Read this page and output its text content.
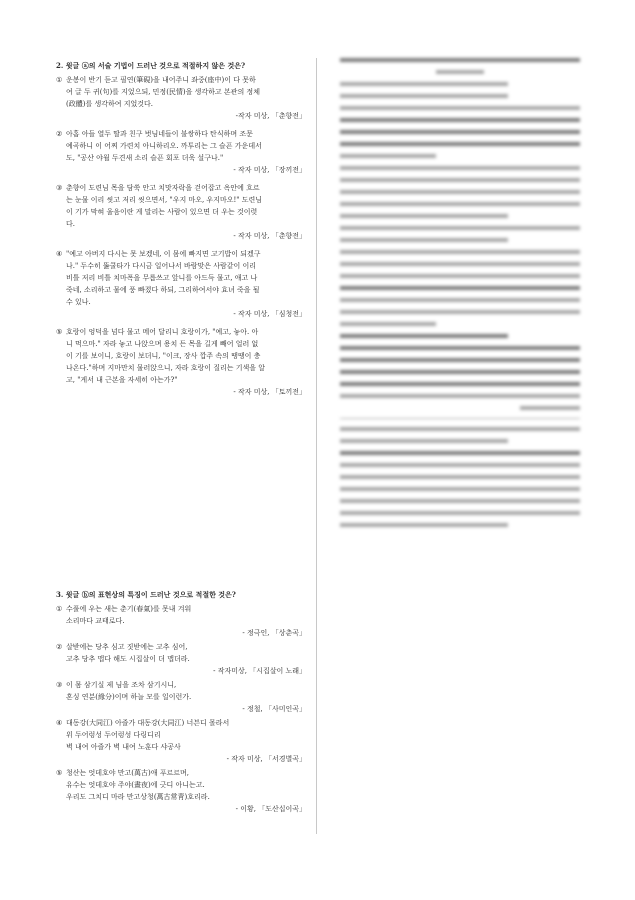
2. 윗글 ⓐ의 서술 기법이 드러난 것으로 적절하지 않은 것은?
① 운봉이 반기 듣고 필연(筆硯)을 내어주니 좌중(座中)이 다 못하
여 글 두 귀(句)를 지었으되, 민정(民情)을 생각하고 본관의 정체
(政體)를 생각하여 지었것다.
-작자 미상, 「춘향전」
② 아홉 아들 열두 딸과 친구 벗님네들이 불쌍하다 탄식하며 조문
예곡하니 이 어찌 가련치 아니하리오. 까투리는 그 슬픈 가운데서
도, "공산 야월 두견새 소리 슬픈 회포 더욱 설구나."
- 작자 미상, 「장끼전」
③ 춘향이 도련님 목을 담쑥 안고 치맛자락을 걷어잡고 옥안에 흐르
는 눈물 이리 씻고 저리 씻으면서, "우지 마오, 우지마오!" 도련님
이 기가 막혀 울음이란 게 말리는 사람이 있으면 더 우는 것이렷
다.
- 작자 미상, 「춘향전」
④ "예고 아버지 다시는 못 보겠네, 이 몸에 빠지면 고기밥이 되겠구
나." 두수히 뚫쿨타가 다시금 일어나서 바람맞은 사람같이 이리
비틀 저리 비틀 치마폭을 무릅쓰고 앞니를 아드득 물고, 애고 나
죽네, 소리하고 물에 풍 빠졌다 하되, 그리하여서야 효녀 죽을 될
수 있나.
- 작자 미상, 「심청전」
⑤ 호랑이 엉덕을 넘다 물고 메어 달리니 호랑이가, "예고, 놓아. 아
니 먹으마." 자라 놓고 나앉으며 용치 든 목을 길게 빼어 얼러 없
이 기를 보이니, 호랑이 보더니, "이크, 장사 깝주 속의 땡땡이 충
나온다."하며 지마만치 물러앉으니, 자라 호랑이 질리는 기색을 알
고, "게서 내 근본을 자세히 아는가?"
- 작자 미상, 「토끼전」
3. 윗글 ⓑ의 표현상의 특징이 드러난 것으로 적절한 것은?
① 수풀에 우는 새는 춘기(春氣)를 못내 겨워
소리마다 교태로다.
- 정극인, 「상춘곡」
② 살받에는 당추 심고 짓받에는 고추 심어,
고추 당추 맵다 해도 시집살이 더 맵더라.
- 작자미상, 「시집살이 노래」
③ 이 몸 삼기실 제 님을 조차 삼기시니,
혼싱 연분(緣分)이며 하늘 모를 일이런가.
- 정철, 「사미인곡」
④ 대동강(大同江) 아즐가 대동강(大同江) 너븐디 몰라서
위 두어렁성 두어렁성 다링디리
벽 내여 아즐가 벽 내여 노훈다 샤공사
- 작자 미상, 「서경별곡」
⑤ 청산는 엇데호야 만고(萬古)애 푸르르며,
유수는 엇데호야 주야(晝夜)에 긋디 아니는고.
우리도 그치디 마라 만고상청(萬古常靑)호리라.
- 이황, 「도산십이곡」
